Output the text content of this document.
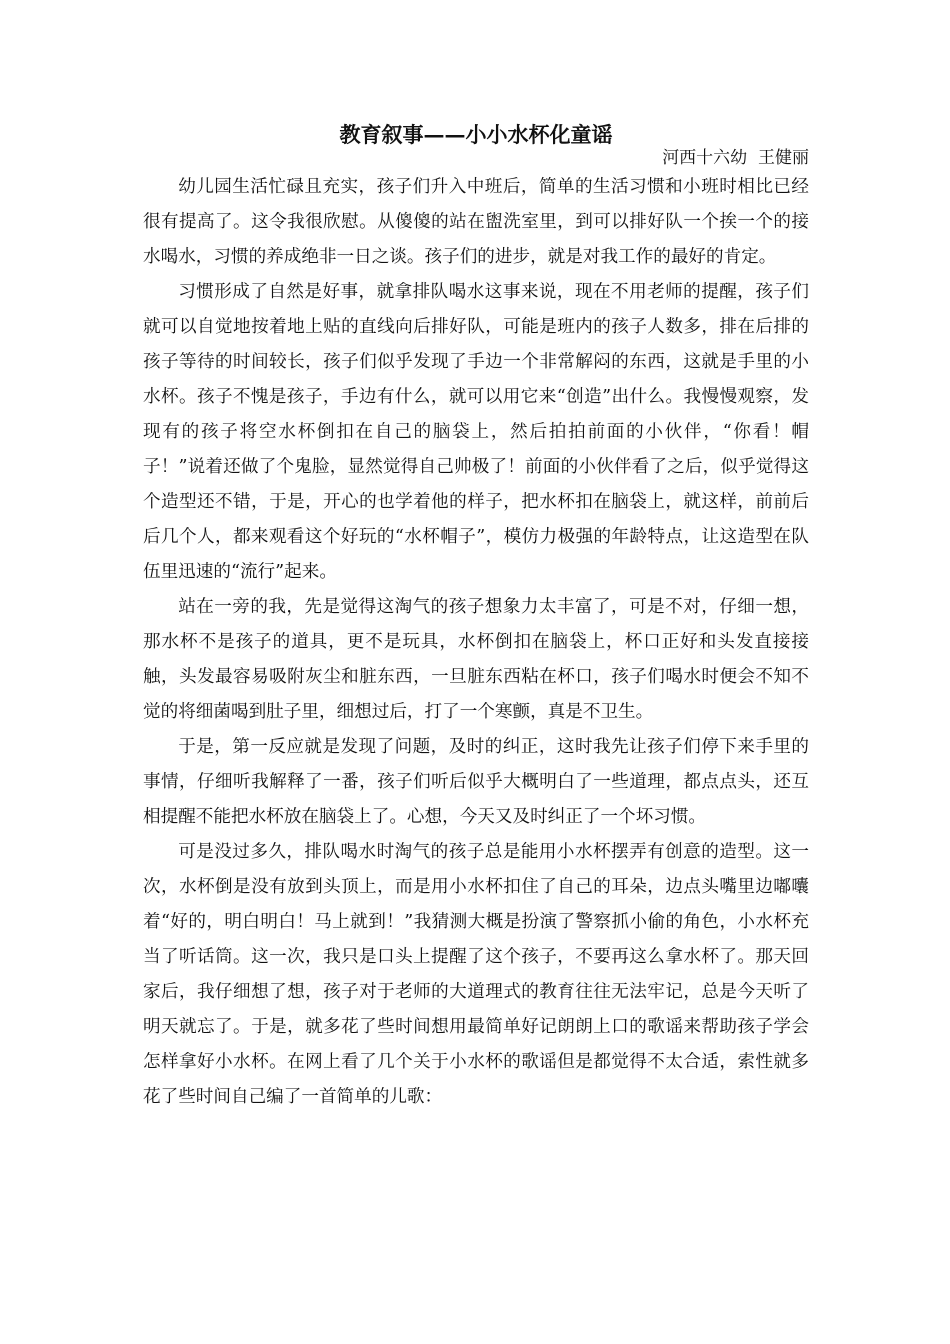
教育叙事——小小水杯化童谣
河西十六幼  王健丽

幼儿园生活忙碌且充实，孩子们升入中班后，简单的生活习惯和小班时相比已经很有提高了。这令我很欣慰。从傻傻的站在盥洗室里，到可以排好队一个挨一个的接水喝水，习惯的养成绝非一日之谈。孩子们的进步，就是对我工作的最好的肯定。

习惯形成了自然是好事，就拿排队喝水这事来说，现在不用老师的提醒，孩子们就可以自觉地按着地上贴的直线向后排好队，可能是班内的孩子人数多，排在后排的孩子等待的时间较长，孩子们似乎发现了手边一个非常解闷的东西，这就是手里的小水杯。孩子不愧是孩子，手边有什么，就可以用它来“创造”出什么。我慢慢观察，发现有的孩子将空水杯倒扣在自己的脑袋上，然后拍拍前面的小伙伴，“你看！帽子！”说着还做了个鬼脸，显然觉得自己帅极了！前面的小伙伴看了之后，似乎觉得这个造型还不错，于是，开心的也学着他的样子，把水杯扣在脑袋上，就这样，前前后后几个人，都来观看这个好玩的“水杯帽子”，模仿力极强的年龄特点，让这造型在队伍里迅速的“流行”起来。

站在一旁的我，先是觉得这淘气的孩子想象力太丰富了，可是不对，仔细一想，那水杯不是孩子的道具，更不是玩具，水杯倒扣在脑袋上，杯口正好和头发直接接触，头发最容易吸附灰尘和脏东西，一旦脏东西粘在杯口，孩子们喝水时便会不知不觉的将细菌喝到肚子里，细想过后，打了一个寒颤，真是不卫生。

于是，第一反应就是发现了问题，及时的纠正，这时我先让孩子们停下来手里的事情，仔细听我解释了一番，孩子们听后似乎大概明白了一些道理，都点点头，还互相提醒不能把水杯放在脑袋上了。心想，今天又及时纠正了一个坏习惯。

可是没过多久，排队喝水时淘气的孩子总是能用小水杯摆弄有创意的造型。这一次，水杯倒是没有放到头顶上，而是用小水杯扣住了自己的耳朵，边点头嘴里边嘟囔着“好的，明白明白！马上就到！”我猜测大概是扮演了警察抓小偷的角色，小水杯充当了听话筒。这一次，我只是口头上提醒了这个孩子，不要再这么拿水杯了。那天回家后，我仔细想了想，孩子对于老师的大道理式的教育往往无法牢记，总是今天听了明天就忘了。于是，就多花了些时间想用最简单好记朗朗上口的歌谣来帮助孩子学会怎样拿好小水杯。在网上看了几个关于小水杯的歌谣但是都觉得不太合适，索性就多花了些时间自己编了一首简单的儿歌：
